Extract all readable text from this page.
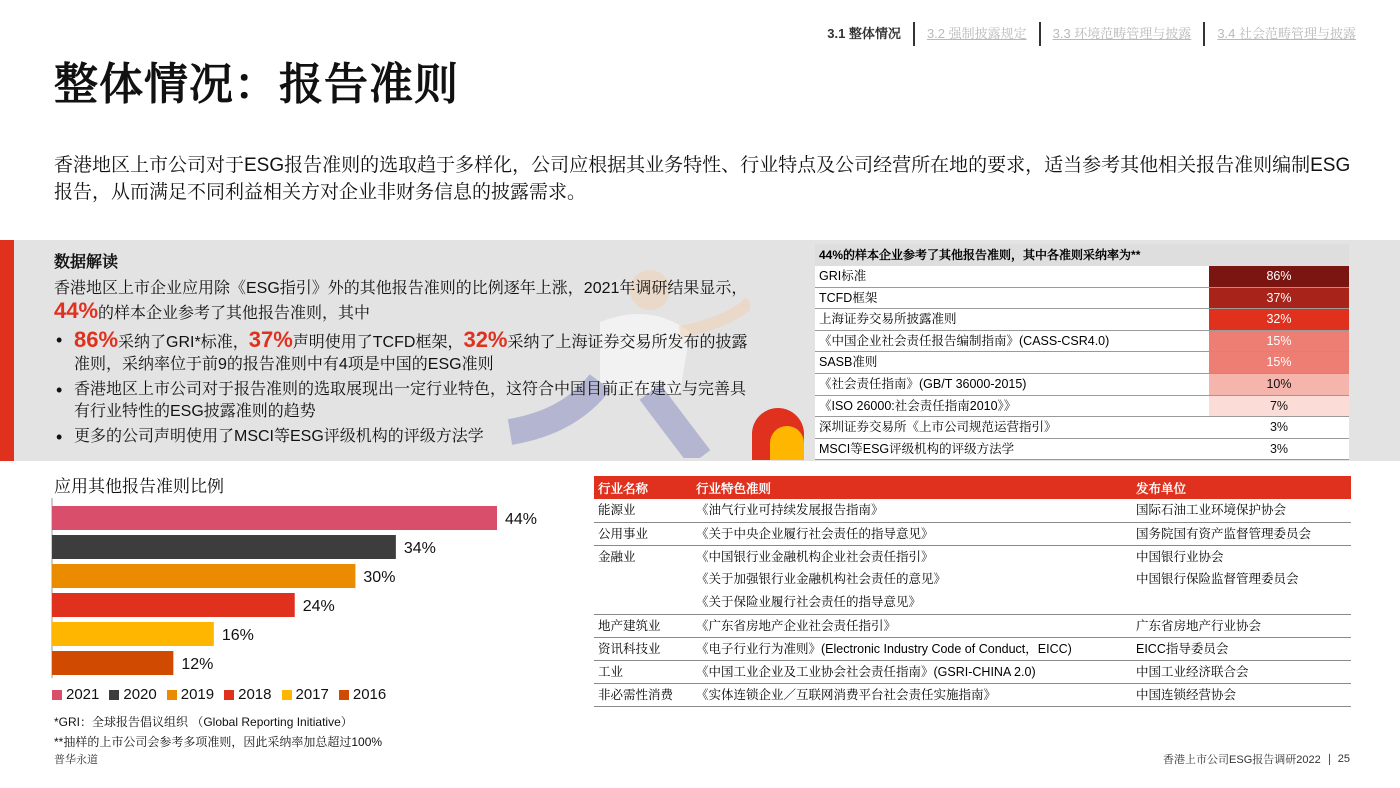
3.1 整体情况	3.2 强制披露规定	3.3 环境范畴管理与披露	3.4 社会范畴管理与披露
整体情况：报告准则

香港地区上市公司对于ESG报告准则的选取趋于多样化，公司应根据其业务特性、行业特点及公司经营所在地的要求，适当参考其他相关报告准则编制ESG报告，从而满足不同利益相关方对企业非财务信息的披露需求。

数据解读

香港地区上市企业应用除《ESG指引》外的其他报告准则的比例逐年上涨，2021年调研结果显示，44%的样本企业参考了其他报告准则，其中

• 86%采纳了GRI*标准，37%声明使用了TCFD框架，32%采纳了上海证券交易所发布的披露准则，采纳率位于前9的报告准则中有4项是中国的ESG准则
• 香港地区上市公司对于报告准则的选取展现出一定行业特色，这符合中国目前正在建立与完善具有行业特性的ESG披露准则的趋势
• 更多的公司声明使用了MSCI等ESG评级机构的评级方法学
44%的样本企业参考了其他报告准则，其中各准则采纳率为**
GRI标准	86%
TCFD框架	37%
上海证券交易所披露准则	32%
《中国企业社会责任报告编制指南》(CASS-CSR4.0)	15%
SASB准则	15%
《社会责任指南》(GB/T 36000-2015)	10%
《ISO 26000:社会责任指南2010》》	7%
深圳证券交易所《上市公司规范运营指引》	3%
MSCI等ESG评级机构的评级方法学	3%
应用其他报告准则比例
44%
34%
30%
24%
16%
12%
2021 2020 2019 2018 2017 2016
*GRI：全球报告倡议组织 （Global Reporting Initiative）
**抽样的上市公司会参考多项准则，因此采纳率加总超过100%
行业名称	行业特色准则	发布单位
能源业	《油气行业可持续发展报告指南》	国际石油工业环境保护协会
公用事业	《关于中央企业履行社会责任的指导意见》	国务院国有资产监督管理委员会
金融业	《中国银行业金融机构企业社会责任指引》	中国银行业协会
	《关于加强银行业金融机构社会责任的意见》	中国银行保险监督管理委员会
	《关于保险业履行社会责任的指导意见》	
地产建筑业	《广东省房地产企业社会责任指引》	广东省房地产行业协会
资讯科技业	《电子行业行为准则》(Electronic Industry Code of Conduct，EICC)	EICC指导委员会
工业	《中国工业企业及工业协会社会责任指南》(GSRI-CHINA 2.0)	中国工业经济联合会
非必需性消费	《实体连锁企业／互联网消费平台社会责任实施指南》	中国连锁经营协会
普华永道	香港上市公司ESG报告调研2022 25
